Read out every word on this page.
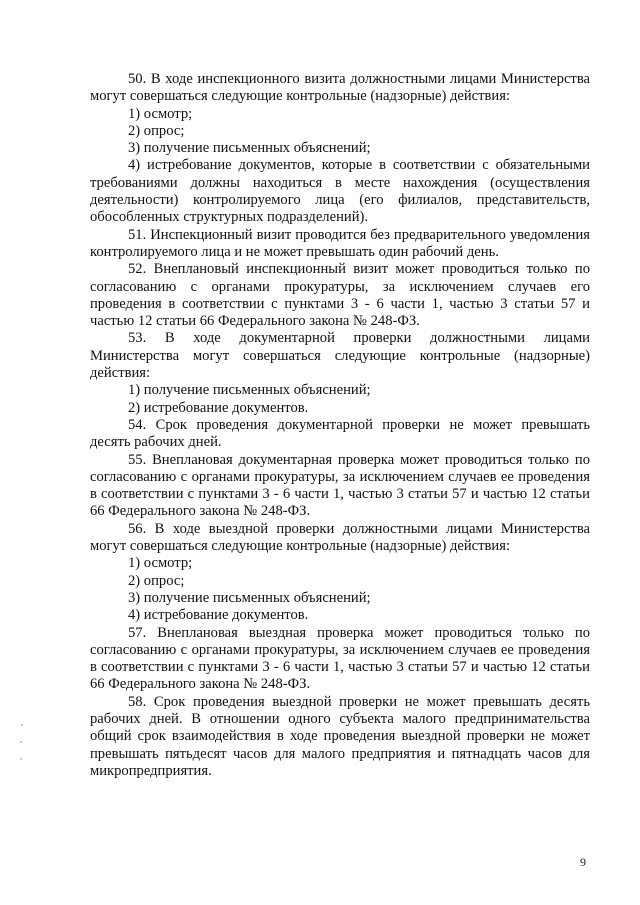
50. В ходе инспекционного визита должностными лицами Министерства могут совершаться следующие контрольные (надзорные) действия:

1) осмотр;

2) опрос;

3) получение письменных объяснений;

4) истребование документов, которые в соответствии с обязательными требованиями должны находиться в месте нахождения (осуществления деятельности) контролируемого лица (его филиалов, представительств, обособленных структурных подразделений).

51. Инспекционный визит проводится без предварительного уведомления контролируемого лица и не может превышать один рабочий день.

52. Внеплановый инспекционный визит может проводиться только по согласованию с органами прокуратуры, за исключением случаев его проведения в соответствии с пунктами 3 - 6 части 1, частью 3 статьи 57 и частью 12 статьи 66 Федерального закона № 248-ФЗ.

53. В ходе документарной проверки должностными лицами Министерства могут совершаться следующие контрольные (надзорные) действия:

1) получение письменных объяснений;

2) истребование документов.

54. Срок проведения документарной проверки не может превышать десять рабочих дней.

55. Внеплановая документарная проверка может проводиться только по согласованию с органами прокуратуры, за исключением случаев ее проведения в соответствии с пунктами 3 - 6 части 1, частью 3 статьи 57 и частью 12 статьи 66 Федерального закона № 248-ФЗ.

56. В ходе выездной проверки должностными лицами Министерства могут совершаться следующие контрольные (надзорные) действия:

1) осмотр;

2) опрос;

3) получение письменных объяснений;

4) истребование документов.

57. Внеплановая выездная проверка может проводиться только по согласованию с органами прокуратуры, за исключением случаев ее проведения в соответствии с пунктами 3 - 6 части 1, частью 3 статьи 57 и частью 12 статьи 66 Федерального закона № 248-ФЗ.

58. Срок проведения выездной проверки не может превышать десять рабочих дней. В отношении одного субъекта малого предпринимательства общий срок взаимодействия в ходе проведения выездной проверки не может превышать пятьдесят часов для малого предприятия и пятнадцать часов для микропредприятия.

9
